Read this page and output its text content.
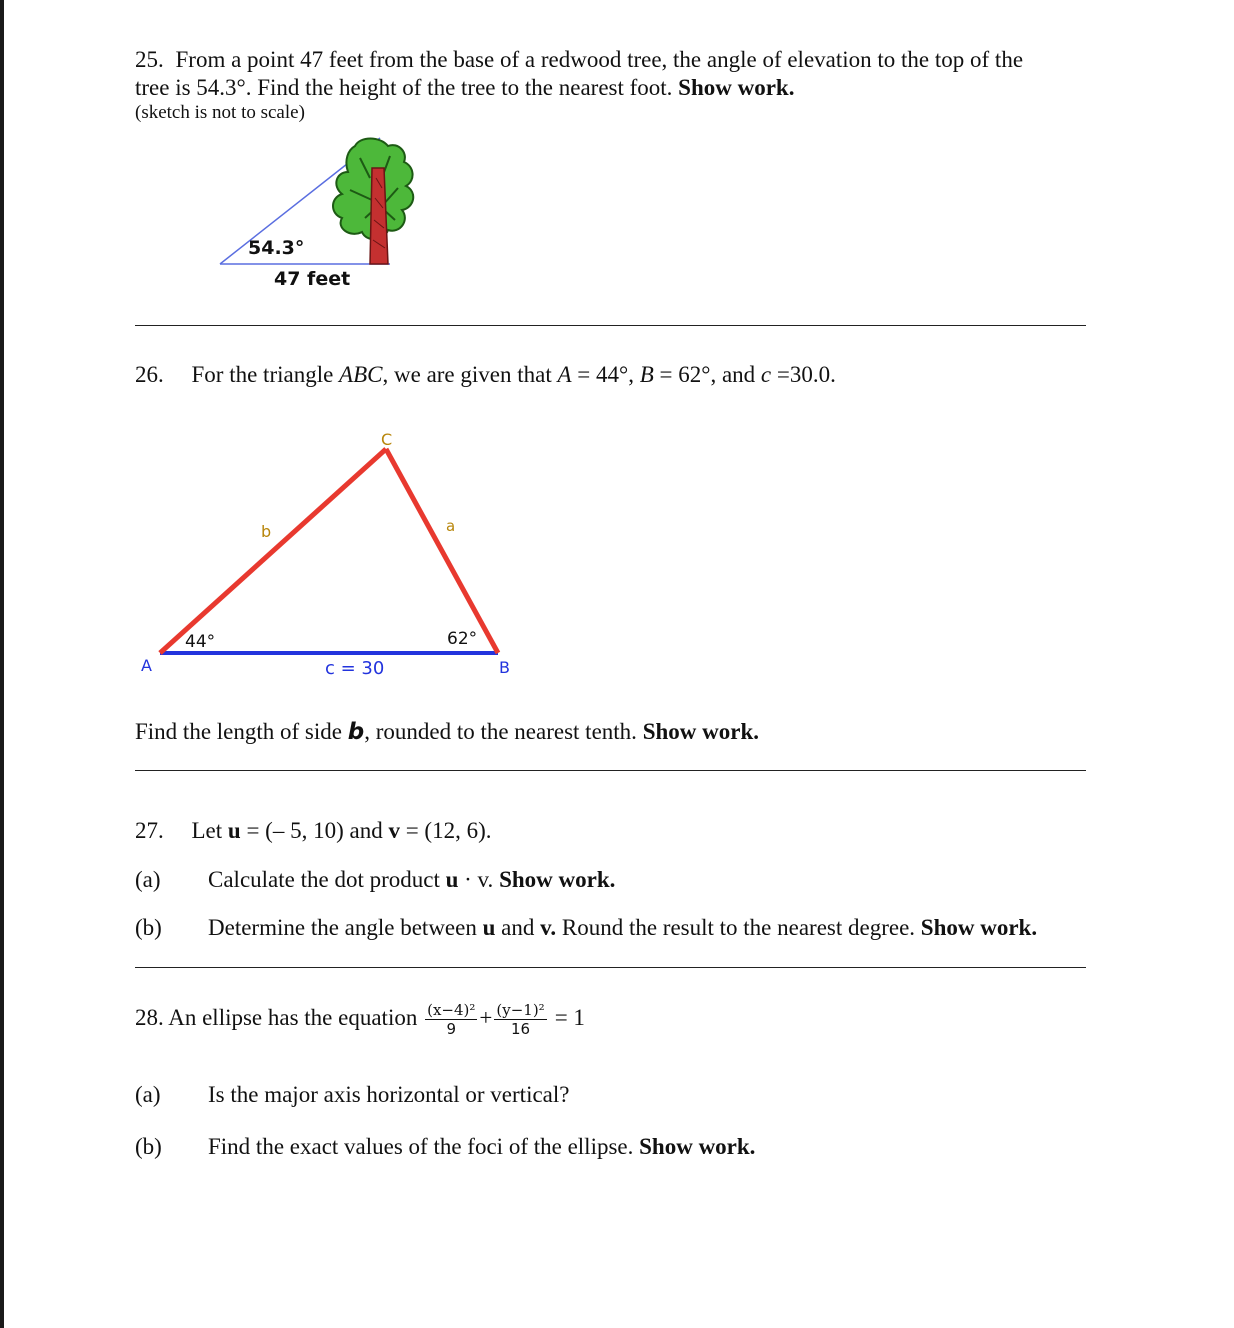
25. From a point 47 feet from the base of a redwood tree, the angle of elevation to the top of the
tree is 54.3°. Find the height of the tree to the nearest foot. Show work.
(sketch is not to scale)
54.3°
47 feet
26. For the triangle ABC, we are given that A = 44°, B = 62°, and c =30.0.
C
A	B
b	a
c = 30
44°	62°
Find the length of side b, rounded to the nearest tenth. Show work.
27. Let u = (– 5, 10) and v = (12, 6).
(a) Calculate the dot product u · v. Show work.
(b) Determine the angle between u and v. Round the result to the nearest degree. Show work.
28. An ellipse has the equation $\frac{\text{(x−4)²}}{9} + \frac{\text{(y−1)²}}{16} = 1$
(a) Is the major axis horizontal or vertical?
(b) Find the exact values of the foci of the ellipse. Show work.
